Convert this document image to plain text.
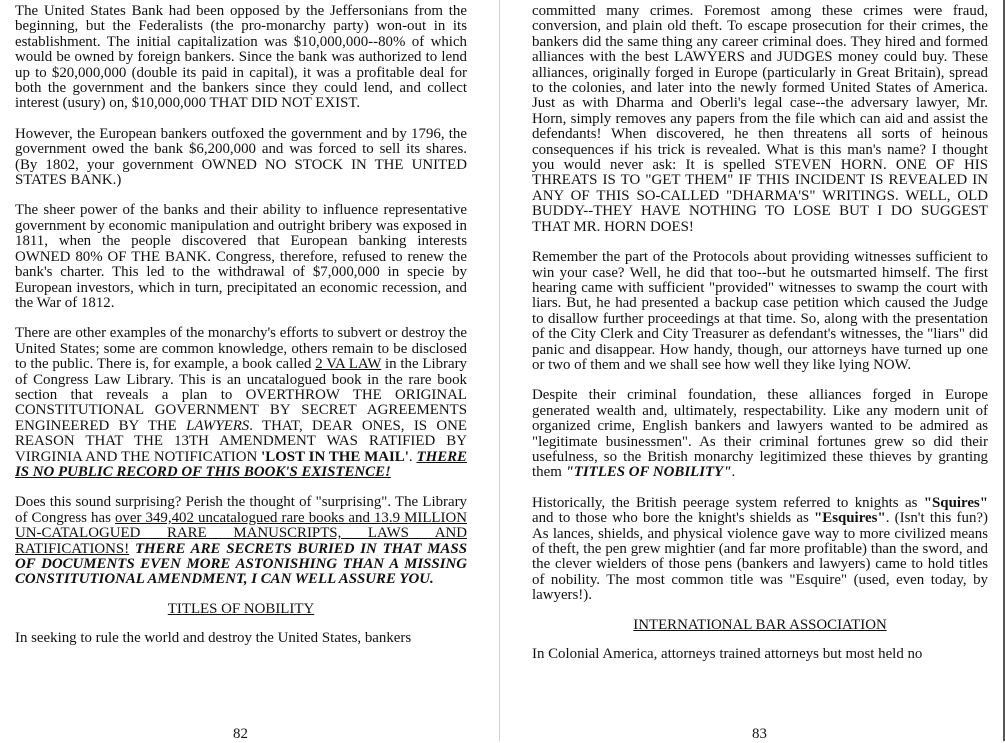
The United States Bank had been opposed by the Jeffersonians from the beginning, but the Federalists (the pro-monarchy party) won-out in its establishment. The initial capitalization was $10,000,000--80% of which would be owned by foreign bankers. Since the bank was authorized to lend up to $20,000,000 (double its paid in capital), it was a profitable deal for both the government and the bankers since they could lend, and collect interest (usury) on, $10,000,000 THAT DID NOT EXIST.

However, the European bankers outfoxed the government and by 1796, the government owed the bank $6,200,000 and was forced to sell its shares. (By 1802, your government OWNED NO STOCK IN THE UNITED STATES BANK.)

The sheer power of the banks and their ability to influence representative government by economic manipulation and outright bribery was exposed in 1811, when the people discovered that European banking interests OWNED 80% OF THE BANK. Congress, therefore, refused to renew the bank's charter. This led to the withdrawal of $7,000,000 in specie by European investors, which in turn, precipitated an economic recession, and the War of 1812.

There are other examples of the monarchy's efforts to subvert or destroy the United States; some are common knowledge, others remain to be disclosed to the public. There is, for example, a book called 2 VA LAW in the Library of Congress Law Library. This is an uncatalogued book in the rare book section that reveals a plan to OVERTHROW THE ORIGINAL CONSTITUTIONAL GOVERNMENT BY SECRET AGREEMENTS ENGINEERED BY THE LAWYERS. THAT, DEAR ONES, IS ONE REASON THAT THE 13TH AMENDMENT WAS RATIFIED BY VIRGINIA AND THE NOTIFICATION 'LOST IN THE MAIL'. THERE IS NO PUBLIC RECORD OF THIS BOOK'S EXISTENCE!

Does this sound surprising? Perish the thought of "surprising". The Library of Congress has over 349,402 uncatalogued rare books and 13.9 MILLION UN-CATALOGUED RARE MANUSCRIPTS, LAWS AND RATIFICATIONS! THERE ARE SECRETS BURIED IN THAT MASS OF DOCUMENTS EVEN MORE ASTONISHING THAN A MISSING CONSTITUTIONAL AMENDMENT, I CAN WELL ASSURE YOU.

TITLES OF NOBILITY

In seeking to rule the world and destroy the United States, bankers

82

committed many crimes. Foremost among these crimes were fraud, conversion, and plain old theft. To escape prosecution for their crimes, the bankers did the same thing any career criminal does. They hired and formed alliances with the best LAWYERS and JUDGES money could buy. These alliances, originally forged in Europe (particularly in Great Britain), spread to the colonies, and later into the newly formed United States of America. Just as with Dharma and Oberli's legal case--the adversary lawyer, Mr. Horn, simply removes any papers from the file which can aid and assist the defendants! When discovered, he then threatens all sorts of heinous consequences if his trick is revealed. What is this man's name? I thought you would never ask: It is spelled STEVEN HORN. ONE OF HIS THREATS IS TO "GET THEM" IF THIS INCIDENT IS REVEALED IN ANY OF THIS SO-CALLED "DHARMA'S" WRITINGS. WELL, OLD BUDDY--THEY HAVE NOTHING TO LOSE BUT I DO SUGGEST THAT MR. HORN DOES!

Remember the part of the Protocols about providing witnesses sufficient to win your case? Well, he did that too--but he outsmarted himself. The first hearing came with sufficient "provided" witnesses to swamp the court with liars. But, he had presented a backup case petition which caused the Judge to disallow further proceedings at that time. So, along with the presentation of the City Clerk and City Treasurer as defendant's witnesses, the "liars" did panic and disappear. How handy, though, our attorneys have turned up one or two of them and we shall see how well they like lying NOW.

Despite their criminal foundation, these alliances forged in Europe generated wealth and, ultimately, respectability. Like any modern unit of organized crime, English bankers and lawyers wanted to be admired as "legitimate businessmen". As their criminal fortunes grew so did their usefulness, so the British monarchy legitimized these thieves by granting them "TITLES OF NOBILITY".

Historically, the British peerage system referred to knights as "Squires" and to those who bore the knight's shields as "Esquires". (Isn't this fun?) As lances, shields, and physical violence gave way to more civilized means of theft, the pen grew mightier (and far more profitable) than the sword, and the clever wielders of those pens (bankers and lawyers) came to hold titles of nobility. The most common title was "Esquire" (used, even today, by lawyers!).

INTERNATIONAL BAR ASSOCIATION

In Colonial America, attorneys trained attorneys but most held no

83
